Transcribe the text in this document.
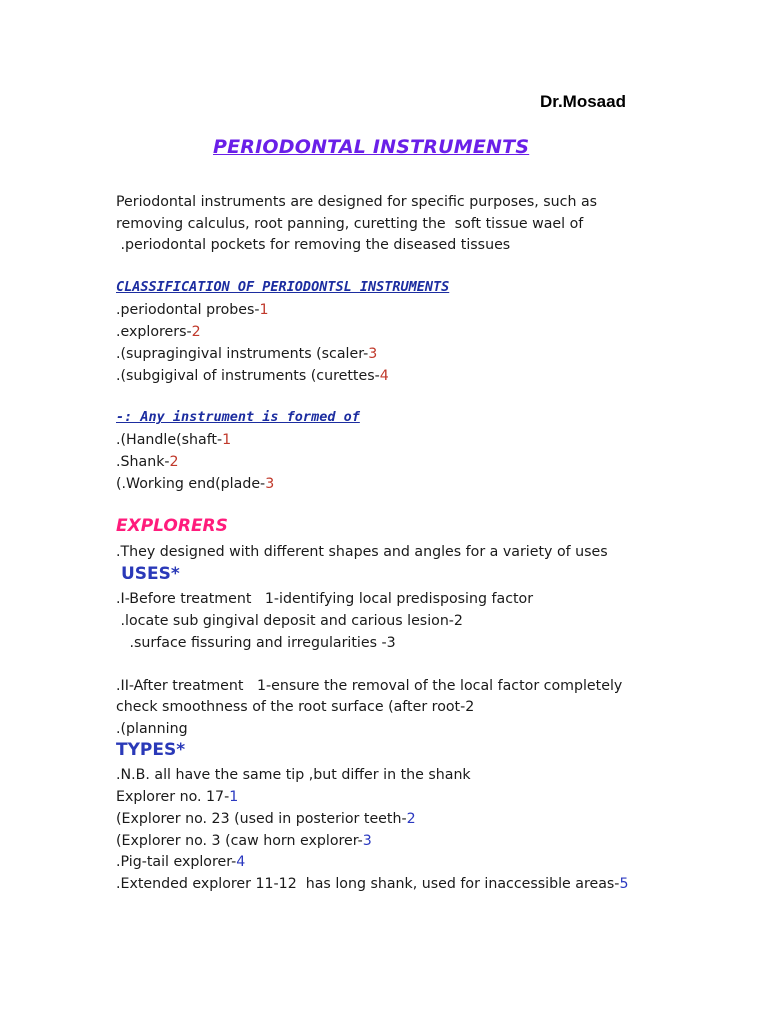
Dr.Mosaad
PERIODONTAL INSTRUMENTS
Periodontal instruments are designed for specific purposes, such as
removing calculus, root panning, curetting the  soft tissue wael of
.periodontal pockets for removing the diseased tissues
CLASSIFICATION OF PERIODONTSL INSTRUMENTS
.periodontal probes-1
.explorers-2
.(supragingival instruments (scaler-3
.(subgigival of instruments (curettes-4
-: Any instrument is formed of
.(Handle(shaft-1
.Shank-2
(.Working end(plade-3
EXPLORERS
.They designed with different shapes and angles for a variety of uses
USES*
.I-Before treatment   1-identifying local predisposing factor
.locate sub gingival deposit and carious lesion-2
.surface fissuring and irregularities -3
.II-After treatment   1-ensure the removal of the local factor completely
check smoothness of the root surface (after root-2
.(planning
TYPES*
.N.B. all have the same tip ,but differ in the shank
Explorer no. 17-1
(Explorer no. 23 (used in posterior teeth-2
(Explorer no. 3 (caw horn explorer-3
.Pig-tail explorer-4
.Extended explorer 11-12  has long shank, used for inaccessible areas-5
